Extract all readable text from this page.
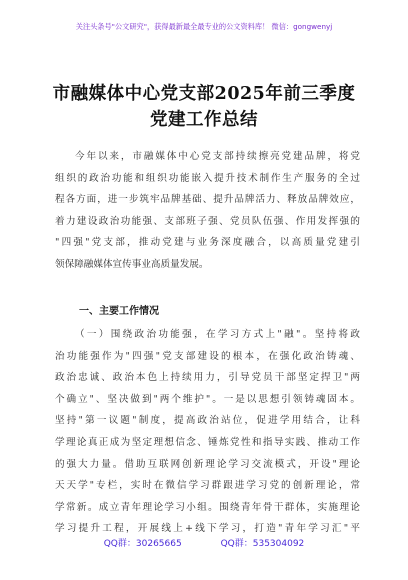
关注头条号"公文研究"，获得最新最全最专业的公文资料库！ 微信：gongwenyj
市融媒体中心党支部2025年前三季度
党建工作总结
今年以来，市融媒体中心党支部持续擦亮党建品牌，将党
组织的政治功能和组织功能嵌入提升技术制作生产服务的全过
程各方面，进一步筑牢品牌基础、提升品牌活力、释放品牌效应，
着力建设政治功能强、支部班子强、党员队伍强、作用发挥强的
"四强"党支部，推动党建与业务深度融合，以高质量党建引
领保障融媒体宣传事业高质量发展。
一、主要工作情况
（一）围绕政治功能强，在学习方式上"融"。坚持将政
治功能强作为"四强"党支部建设的根本，在强化政治铸魂、
政治忠诚、政治本色上持续用力，引导党员干部坚定捍卫"两
个确立"、坚决做到"两个维护"。一是以思想引领铸魂固本。
坚持"第一议题"制度，提高政治站位，促进学用结合，让科
学理论真正成为坚定理想信念、锤炼党性和指导实践、推动工作
的强大力量。借助互联网创新理论学习交流模式，开设"理论
天天学"专栏，实时在微信学习群跟进学习党的创新理论，常
学常新。成立青年理论学习小组。围绕青年骨干群体，实施理论
学习提升工程，开展线上+线下学习，打造"青年学习汇"平
QQ群：30265665	QQ群：535304092
